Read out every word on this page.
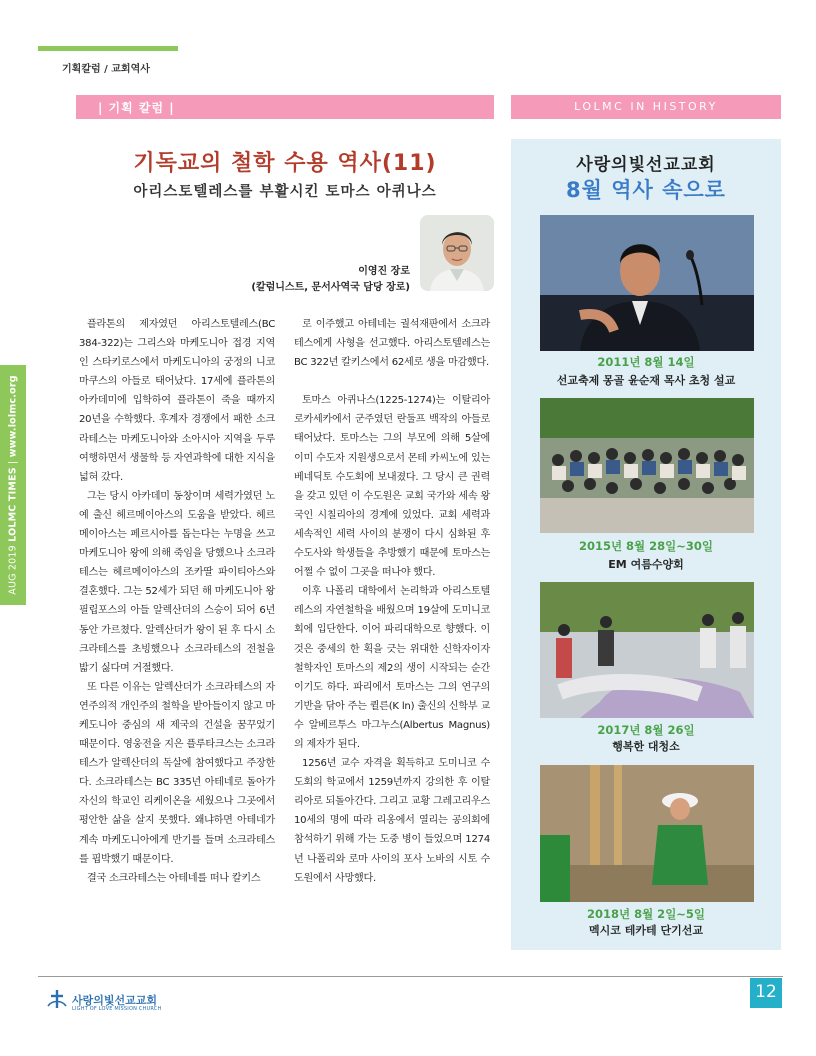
기획칼럼 / 교회역사
AUG 2019 LOLMC TIMES | www.lolmc.org
| 기획 칼럼 |	LOLMC IN HISTORY
기독교의 철학 수용 역사(11)
아리스토텔레스를 부활시킨 토마스 아퀴나스
이영진 장로
(칼럼니스트, 문서사역국 담당 장로)

플라톤의 제자였던 아리스토텔레스(BC 384-322)는 그리스와 마케도니아 접경 지역인 스타키로스에서 마케도니아의 궁정의 니코마쿠스의 아들로 태어났다. 17세에 플라톤의 아카데미에 입학하여 플라톤이 죽을 때까지 20년을 수학했다. 후계자 경쟁에서 패한 소크라테스는 마케도니아와 소아시아 지역을 두루 여행하면서 생물학 등 자연과학에 대한 지식을 넓혀 갔다.

그는 당시 아카데미 동창이며 세력가였던 노예 출신 헤르메이아스의 도움을 받았다. 헤르메이아스는 페르시아를 돕는다는 누명을 쓰고 마케도니아 왕에 의해 죽임을 당했으나 소크라테스는 헤르메이아스의 조카딸 파이티아스와 결혼했다. 그는 52세가 되던 해 마케도니아 왕 필립포스의 아들 알렉산더의 스승이 되어 6년 동안 가르쳤다. 알렉산더가 왕이 된 후 다시 소크라테스를 초빙했으나 소크라테스의 전철을 밟기 싫다며 거절했다.

또 다른 이유는 알렉산더가 소크라테스의 자연주의적 개인주의 철학을 받아들이지 않고 마케도니아 중심의 새 제국의 건설을 꿈꾸었기 때문이다. 영웅전을 지은 플루타크스는 소크라테스가 알렉산더의 독살에 참여했다고 주장한다. 소크라테스는 BC 335년 아테네로 돌아가 자신의 학교인 리케이온을 세웠으나 그곳에서 평안한 삶을 살지 못했다. 왜냐하면 아테네가 계속 마케도니아에게 반기를 들며 소크라테스를 핍박했기 때문이다.

결국 소크라테스는 아테네를 떠나 칼키스

로 이주했고 아테네는 궐석재판에서 소크라테스에게 사형을 선고했다. 아리스토텔레스는 BC 322년 칼키스에서 62세로 생을 마감했다.

토마스 아퀴나스(1225-1274)는 이탈리아 로카세카에서 군주였던 란둘프 백작의 아들로 태어났다. 토마스는 그의 부모에 의해 5살에 이미 수도자 지원생으로서 몬테 카씨노에 있는 베네딕토 수도회에 보내졌다. 그 당시 큰 권력을 갖고 있던 이 수도원은 교회 국가와 세속 왕국인 시칠리아의 경계에 있었다. 교회 세력과 세속적인 세력 사이의 분쟁이 다시 심화된 후 수도사와 학생들을 추방했기 때문에 토마스는 어쩔 수 없이 그곳을 떠나야 했다.

이후 나폴리 대학에서 논리학과 아리스토텔레스의 자연철학을 배웠으며 19살에 도미니코회에 입단한다. 이어 파리대학으로 향했다. 이것은 중세의 한 획을 긋는 위대한 신학자이자 철학자인 토마스의 제2의 생이 시작되는 순간이기도 하다. 파리에서 토마스는 그의 연구의 기반을 닦아 주는 퀼른(K ln) 출신의 신학부 교수 알베르투스 마그누스(Albertus Magnus)의 제자가 된다.

1256년 교수 자격을 획득하고 도미니코 수도회의 학교에서 1259년까지 강의한 후 이탈리아로 되돌아간다. 그리고 교황 그레고리우스 10세의 명에 따라 리옹에서 열리는 공의회에 참석하기 위해 가는 도중 병이 들었으며 1274년 나폴리와 로마 사이의 포사 노바의 시토 수도원에서 사망했다.

사랑의빛선교교회
8월 역사 속으로
2011년 8월 14일
선교축제 몽골 윤순재 목사 초청 설교
2015년 8월 28일~30일
EM 여름수양회
2017년 8월 26일
행복한 대청소
2018년 8월 2일~5일
멕시코 테카테 단기선교
사랑의빛선교교회
LIGHT OF LOVE MISSION CHURCH
12
